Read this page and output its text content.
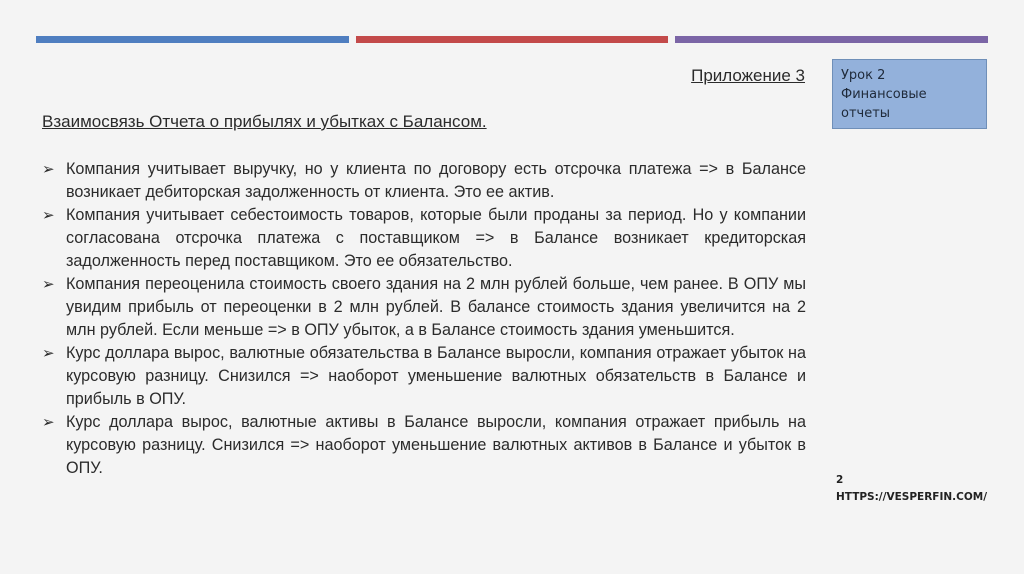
Приложение 3	Урок 2
Финансовые
отчеты
Взаимосвязь Отчета о прибылях и убытках с Балансом.
➢ Компания учитывает выручку, но у клиента по договору есть отсрочка платежа => в Балансе возникает дебиторская задолженность от клиента. Это ее актив.
➢ Компания учитывает себестоимость товаров, которые были проданы за период. Но у компании согласована отсрочка платежа с поставщиком => в Балансе возникает кредиторская задолженность перед поставщиком. Это ее обязательство.
➢ Компания переоценила стоимость своего здания на 2 млн рублей больше, чем ранее. В ОПУ мы увидим прибыль от переоценки в 2 млн рублей. В балансе стоимость здания увеличится на 2 млн рублей. Если меньше => в ОПУ убыток, а в Балансе стоимость здания уменьшится.
➢ Курс доллара вырос, валютные обязательства в Балансе выросли, компания отражает убыток на курсовую разницу. Снизился => наоборот уменьшение валютных обязательств в Балансе и прибыль в ОПУ.
➢ Курс доллара вырос, валютные активы в Балансе выросли, компания отражает прибыль на курсовую разницу. Снизился => наоборот уменьшение валютных активов в Балансе и убыток в ОПУ.
2
HTTPS://VESPERFIN.COM/
